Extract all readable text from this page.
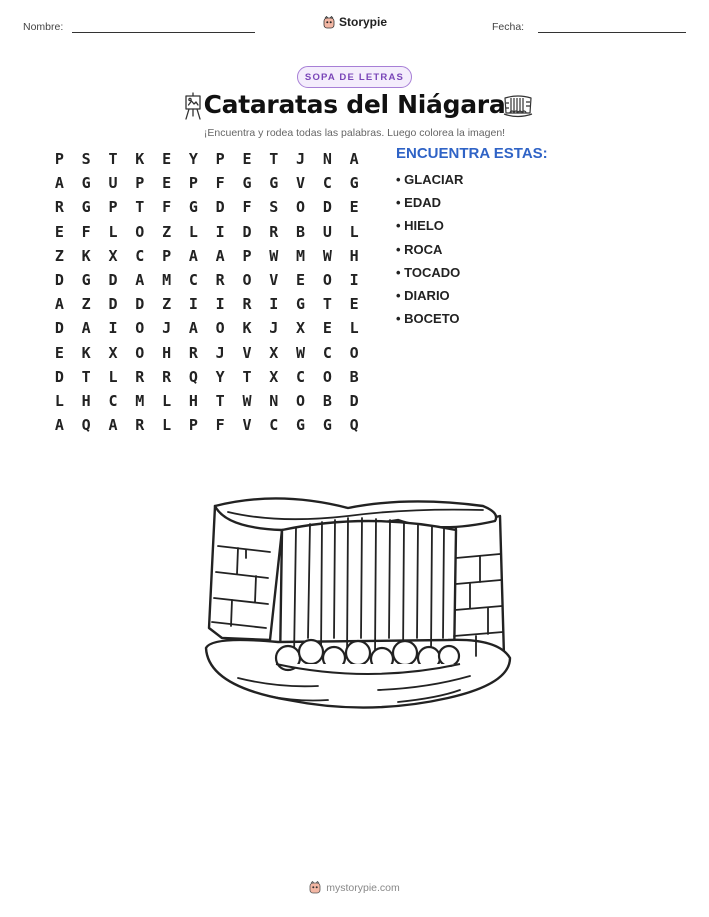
Nombre:	Storypie	Fecha:
SOPA DE LETRAS
Cataratas del Niágara
¡Encuentra y rodea todas las palabras. Luego colorea la imagen!
P	S	T	K	E	Y	P	E	T	J	N	A
A	G	U	P	E	P	F	G	G	V	C	G
R	G	P	T	F	G	D	F	S	O	D	E
E	F	L	O	Z	L	I	D	R	B	U	L
Z	K	X	C	P	A	A	P	W	M	W	H
D	G	D	A	M	C	R	O	V	E	O	I
A	Z	D	D	Z	I	I	R	I	G	T	E
D	A	I	O	J	A	O	K	J	X	E	L
E	K	X	O	H	R	J	V	X	W	C	O
D	T	L	R	R	Q	Y	T	X	C	O	B
L	H	C	M	L	H	T	W	N	O	B	D
A	Q	A	R	L	P	F	V	C	G	G	Q
ENCUENTRA ESTAS:
• GLACIAR
• EDAD
• HIELO
• ROCA
• TOCADO
• DIARIO
• BOCETO
mystorypie.com
